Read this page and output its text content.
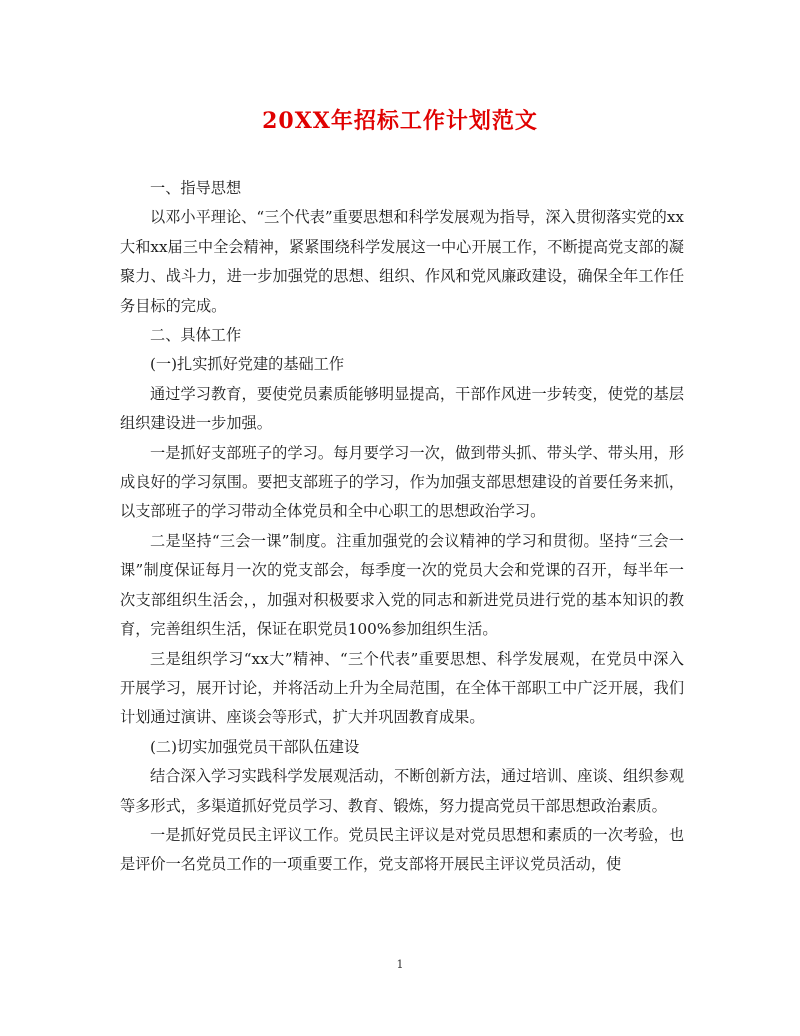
20XX年招标工作计划范文

一、指导思想

以邓小平理论、“三个代表”重要思想和科学发展观为指导，深入贯彻落实党的xx大和xx届三中全会精神，紧紧围绕科学发展这一中心开展工作，不断提高党支部的凝聚力、战斗力，进一步加强党的思想、组织、作风和党风廉政建设，确保全年工作任务目标的完成。

二、具体工作

(一)扎实抓好党建的基础工作

通过学习教育，要使党员素质能够明显提高，干部作风进一步转变，使党的基层组织建设进一步加强。

一是抓好支部班子的学习。每月要学习一次，做到带头抓、带头学、带头用，形成良好的学习氛围。要把支部班子的学习，作为加强支部思想建设的首要任务来抓，以支部班子的学习带动全体党员和全中心职工的思想政治学习。

二是坚持“三会一课”制度。注重加强党的会议精神的学习和贯彻。坚持“三会一课”制度保证每月一次的党支部会，每季度一次的党员大会和党课的召开，每半年一次支部组织生活会，，加强对积极要求入党的同志和新进党员进行党的基本知识的教育，完善组织生活，保证在职党员100%参加组织生活。

三是组织学习“xx大”精神、“三个代表”重要思想、科学发展观，在党员中深入开展学习，展开讨论，并将活动上升为全局范围，在全体干部职工中广泛开展，我们计划通过演讲、座谈会等形式，扩大并巩固教育成果。

(二)切实加强党员干部队伍建设

结合深入学习实践科学发展观活动，不断创新方法，通过培训、座谈、组织参观等多形式，多渠道抓好党员学习、教育、锻炼，努力提高党员干部思想政治素质。

一是抓好党员民主评议工作。党员民主评议是对党员思想和素质的一次考验，也是评价一名党员工作的一项重要工作，党支部将开展民主评议党员活动，使

1
